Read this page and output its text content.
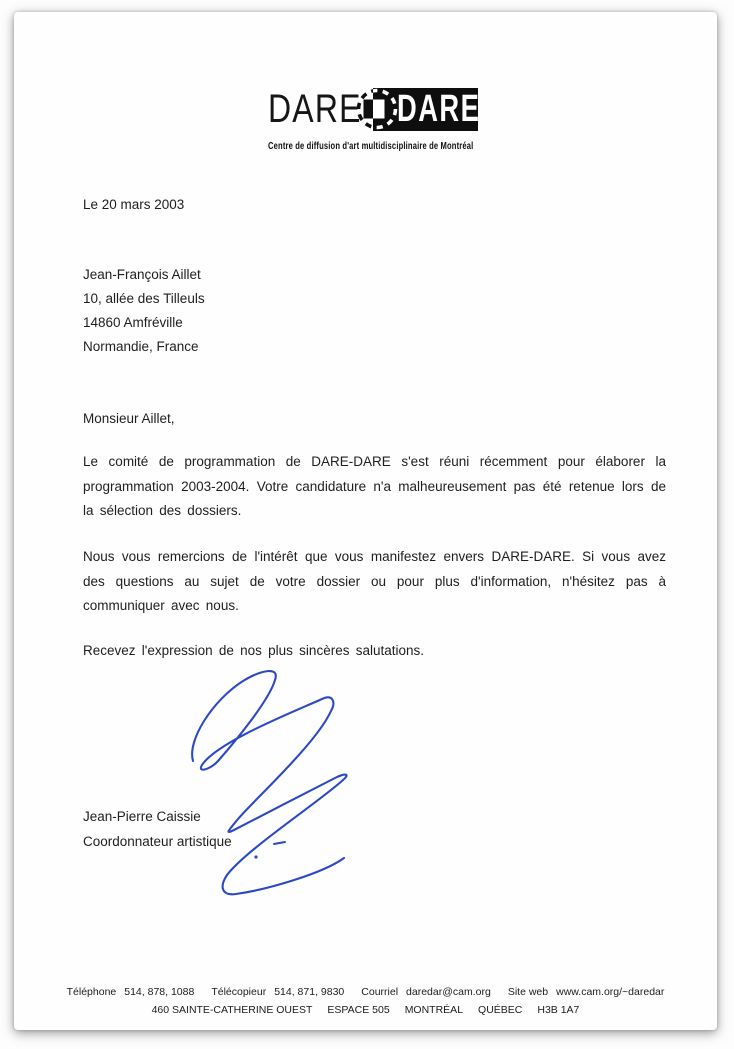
DARE DARE
Centre de diffusion d'art multidisciplinaire de Montréal
Le 20 mars 2003
Jean-François Aillet
10, allée des Tilleuls
14860 Amfréville
Normandie, France
Monsieur Aillet,

Le comité de programmation de DARE-DARE s'est réuni récemment pour élaborer la programmation 2003-2004. Votre candidature n'a malheureusement pas été retenue lors de la sélection des dossiers.

Nous vous remercions de l'intérêt que vous manifestez envers DARE-DARE. Si vous avez des questions au sujet de votre dossier ou pour plus d'information, n'hésitez pas à communiquer avec nous.

Recevez l'expression de nos plus sincères salutations.

Jean-Pierre Caissie
Coordonnateur artistique
Téléphone 514, 878, 1088 Télécopieur 514, 871, 9830 Courriel daredar@cam.org Site web www.cam.org/~daredar
460 SAINTE-CATHERINE OUEST ESPACE 505 MONTRÉAL QUÉBEC H3B 1A7
